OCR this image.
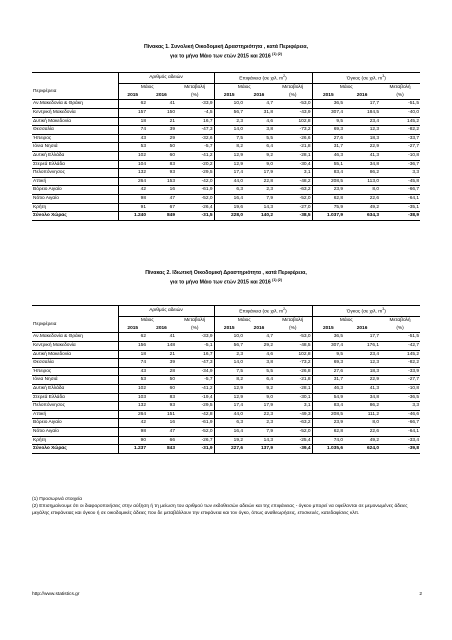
Πίνακας 1. Συνολική Οικοδομική Δραστηριότητα , κατά Περιφέρεια,
για το μήνα Μάιο των ετών 2015 και 2016 $^{(1) (2)}$
	Αριθμός αδειών			Επιφάνεια (σε χιλ. $m^2$)			Όγκος (σε χιλ. $m^3$)		
Περιφέρεια	Μάιος		Μεταβολή	Μάιος		Μεταβολή	Μάιος		Μεταβολή
	2015	2016	(%)	2015	2016	(%)	2015	2016	(%)
Αν.Μακεδονία & Θράκη	62	41	-33,9	10,0	4,7	-53,0	36,5	17,7	-51,5
Κεντρική Μακεδονία	157	150	-4,5	56,7	31,8	-43,9	307,4	184,5	-40,0
Δυτική Μακεδονία	18	21	16,7	2,3	4,6	102,8	9,5	23,4	145,2
Θεσσαλία	74	39	-47,3	14,0	3,8	-73,2	69,3	12,3	-82,2
Ήπειρος	43	29	-32,6	7,5	5,5	-26,6	27,6	18,3	-33,7
Ιόνια Νησιά	53	50	-5,7	8,2	6,4	-21,8	31,7	22,9	-27,7
Δυτική Ελλάδα	102	60	-41,2	12,9	9,2	-28,1	46,3	41,3	-10,8
Στερεά Ελλάδα	104	83	-20,2	12,9	9,0	-30,4	55,1	34,8	-36,7
Πελοπόννησος	132	93	-29,5	17,4	17,9	3,1	83,4	86,2	3,3
Αττική	264	153	-42,0	44,0	22,8	-48,2	208,5	113,0	-45,8
Βόρειο Αιγαίο	42	16	-61,9	6,3	2,3	-63,2	23,9	8,0	-66,7
Νότιο Αιγαίο	98	47	-52,0	16,4	7,9	-52,0	62,8	22,6	-64,1
Κρήτη	91	67	-26,4	19,6	14,3	-27,0	75,9	49,2	-35,1
Σύνολο Χώρας	1.240	849	-31,5	228,0	140,2	-38,5	1.037,9	634,3	-38,9
Πίνακας 2. Ιδιωτική Οικοδομική Δραστηριότητα , κατά Περιφέρεια,
για το μήνα Μάιο των ετών 2015 και 2016 $^{(1) (2)}$
	Αριθμός αδειών			Επιφάνεια (σε χιλ. $m^2$)			Όγκος (σε χιλ. $m^3$)		
Περιφέρεια	Μάιος		Μεταβολή	Μάιος		Μεταβολή	Μάιος		Μεταβολή
	2015	2016	(%)	2015	2016	(%)	2015	2016	(%)
Αν.Μακεδονία & Θράκη	62	41	-33,9	10,0	4,7	-53,0	36,5	17,7	-51,5
Κεντρική Μακεδονία	156	148	-5,1	56,7	29,2	-48,5	307,4	176,1	-42,7
Δυτική Μακεδονία	18	21	16,7	2,3	4,6	102,8	9,5	23,4	145,2
Θεσσαλία	74	39	-47,3	14,0	3,8	-73,2	69,3	12,3	-82,2
Ήπειρος	43	28	-34,9	7,5	5,5	-26,8	27,6	18,3	-33,9
Ιόνια Νησιά	53	50	-5,7	8,2	6,4	-21,8	31,7	22,9	-27,7
Δυτική Ελλάδα	102	60	-41,2	12,9	9,2	-28,1	46,3	41,3	-10,8
Στερεά Ελλάδα	103	83	-19,4	12,9	9,0	-30,1	54,9	34,8	-36,5
Πελοπόννησος	132	93	-29,5	17,4	17,9	3,1	83,4	86,2	3,3
Αττική	264	151	-42,8	44,0	22,3	-49,3	208,5	111,2	-46,6
Βόρειο Αιγαίο	42	16	-61,9	6,3	2,3	-63,2	23,9	8,0	-66,7
Νότιο Αιγαίο	98	47	-52,0	16,4	7,9	-52,0	62,8	22,6	-64,1
Κρήτη	90	66	-26,7	19,2	14,3	-25,4	74,0	49,2	-33,4
Σύνολο Χώρας	1.237	843	-31,9	227,6	137,9	-39,4	1.035,6	624,0	-39,8
(1) Προσωρινά στοιχεία
(2) Επισημαίνουμε ότι οι διαφοροποιήσεις στην αύξηση ή τη μείωση του αριθμού των εκδοθεισών αδειών και της επιφάνειας - όγκου μπορεί να οφείλονται σε μεμονωμένες άδειες μεγάλης επιφάνειας και όγκου ή σε οικοδομικές άδειες που δε μεταβάλλουν την επιφάνεια και τον όγκο, όπως αναθεωρήσεις, επισκευές, κατεδαφίσεις κλπ.
http://www.statistics.gr	2
